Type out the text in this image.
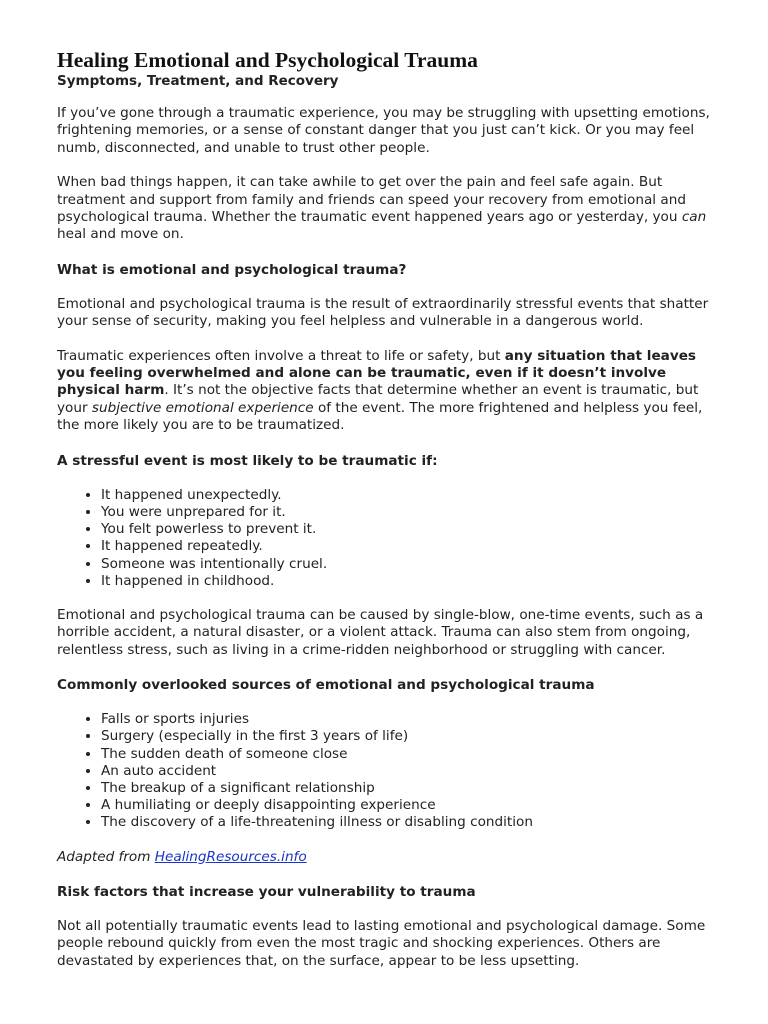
Healing Emotional and Psychological Trauma
Symptoms, Treatment, and Recovery

If you’ve gone through a traumatic experience, you may be struggling with upsetting emotions, frightening memories, or a sense of constant danger that you just can’t kick. Or you may feel numb, disconnected, and unable to trust other people.

When bad things happen, it can take awhile to get over the pain and feel safe again. But treatment and support from family and friends can speed your recovery from emotional and psychological trauma. Whether the traumatic event happened years ago or yesterday, you can heal and move on.

What is emotional and psychological trauma?

Emotional and psychological trauma is the result of extraordinarily stressful events that shatter your sense of security, making you feel helpless and vulnerable in a dangerous world.

Traumatic experiences often involve a threat to life or safety, but any situation that leaves you feeling overwhelmed and alone can be traumatic, even if it doesn’t involve physical harm. It’s not the objective facts that determine whether an event is traumatic, but your subjective emotional experience of the event. The more frightened and helpless you feel, the more likely you are to be traumatized.

A stressful event is most likely to be traumatic if:
• It happened unexpectedly.
• You were unprepared for it.
• You felt powerless to prevent it.
• It happened repeatedly.
• Someone was intentionally cruel.
• It happened in childhood.

Emotional and psychological trauma can be caused by single-blow, one-time events, such as a horrible accident, a natural disaster, or a violent attack. Trauma can also stem from ongoing, relentless stress, such as living in a crime-ridden neighborhood or struggling with cancer.

Commonly overlooked sources of emotional and psychological trauma
• Falls or sports injuries
• Surgery (especially in the first 3 years of life)
• The sudden death of someone close
• An auto accident
• The breakup of a significant relationship
• A humiliating or deeply disappointing experience
• The discovery of a life-threatening illness or disabling condition

Adapted from HealingResources.info

Risk factors that increase your vulnerability to trauma

Not all potentially traumatic events lead to lasting emotional and psychological damage. Some people rebound quickly from even the most tragic and shocking experiences. Others are devastated by experiences that, on the surface, appear to be less upsetting.
